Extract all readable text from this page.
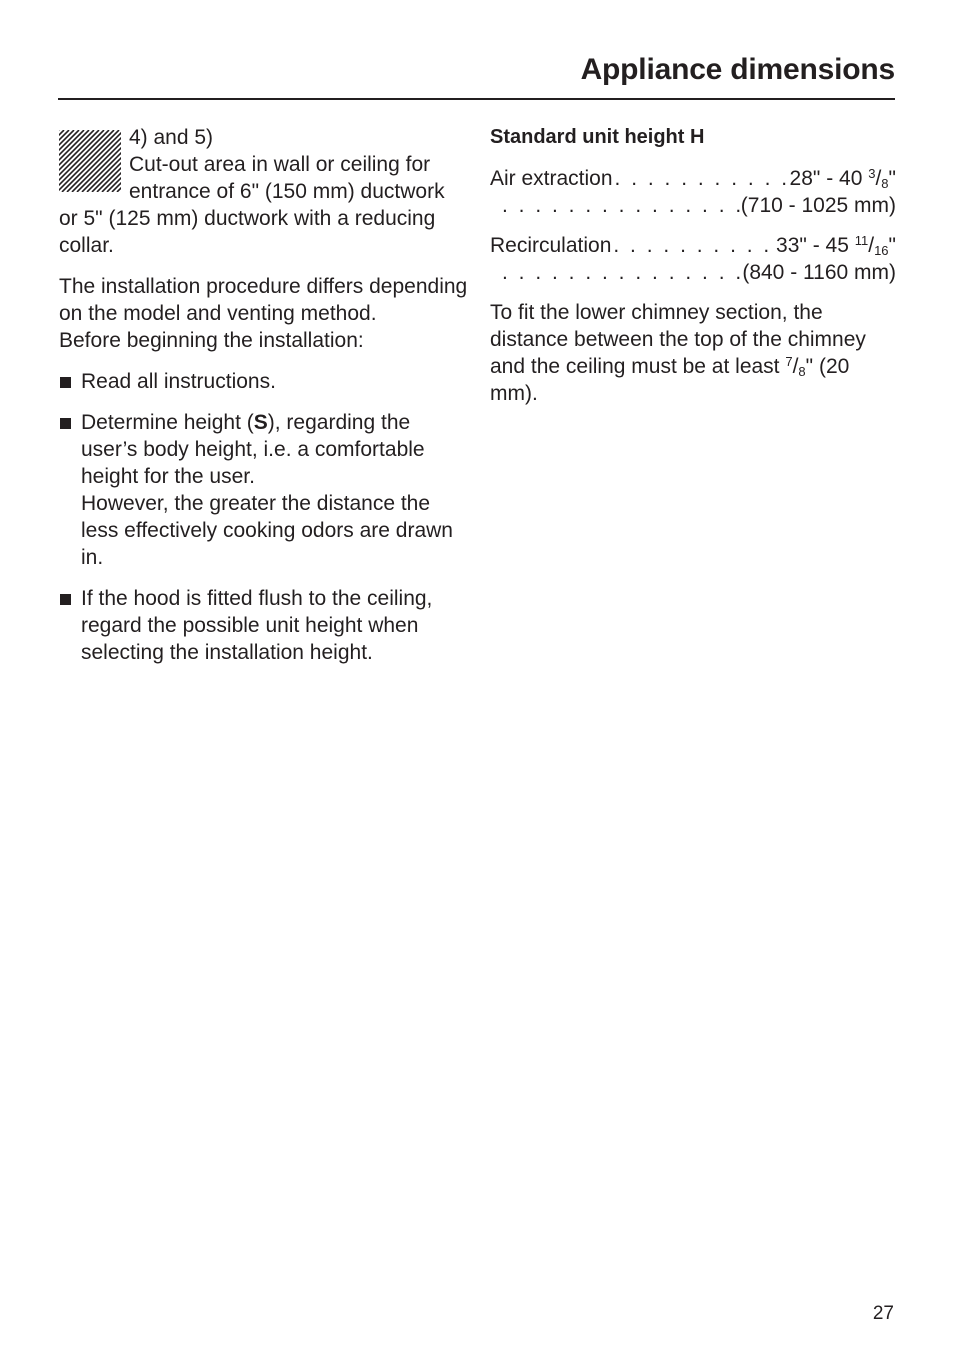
Appliance dimensions
4) and 5)
Cut-out area in wall or ceiling for entrance of 6" (150 mm) ductwork or 5" (125 mm) ductwork with a reducing collar.

The installation procedure differs depending on the model and venting method.
Before beginning the installation:

Read all instructions.
Determine height (S), regarding the user’s body height, i.e. a comfortable height for the user.
However, the greater the distance the less effectively cooking odors are drawn in.
If the hood is fitted flush to the ceiling, regard the possible unit height when selecting the installation height.
Standard unit height H
Air extraction . . .	28" - 40 $^3/_8$"
. . .
(710 - 1025 mm)
Recirculation . . .	33" - 45 $^{11}/_{16}$"
. . .
(840 - 1160 mm)

To fit the lower chimney section, the distance between the top of the chimney and the ceiling must be at least $^7/_8$" (20 mm).

27
